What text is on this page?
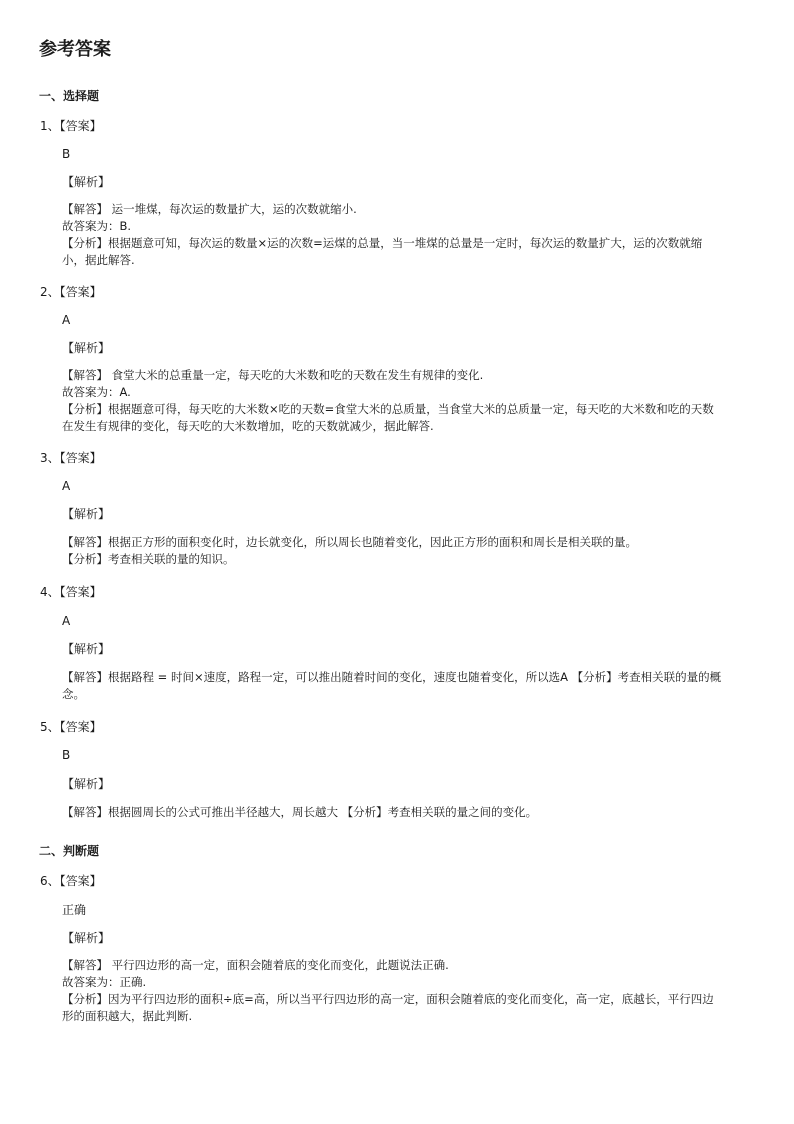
参考答案
一、选择题
1、【答案】
B
【解析】

【解答】 运一堆煤，每次运的数量扩大，运的次数就缩小.

故答案为：B.

【分析】根据题意可知，每次运的数量×运的次数=运煤的总量，当一堆煤的总量是一定时，每次运的数量扩大，运的次数就缩小，据此解答.

2、【答案】
A
【解析】

【解答】 食堂大米的总重量一定，每天吃的大米数和吃的天数在发生有规律的变化.

故答案为：A.

【分析】根据题意可得，每天吃的大米数×吃的天数=食堂大米的总质量，当食堂大米的总质量一定，每天吃的大米数和吃的天数在发生有规律的变化，每天吃的大米数增加，吃的天数就减少，据此解答.

3、【答案】
A
【解析】

【解答】根据正方形的面积变化时，边长就变化，所以周长也随着变化，因此正方形的面积和周长是相关联的量。

【分析】考查相关联的量的知识。

4、【答案】
A
【解析】

【解答】根据路程 = 时间×速度，路程一定，可以推出随着时间的变化，速度也随着变化，所以选A 【分析】考查相关联的量的概念。

5、【答案】
B
【解析】

【解答】根据圆周长的公式可推出半径越大，周长越大 【分析】考查相关联的量之间的变化。

二、判断题
6、【答案】
正确
【解析】

【解答】 平行四边形的高一定，面积会随着底的变化而变化，此题说法正确.

故答案为：正确.

【分析】因为平行四边形的面积÷底=高，所以当平行四边形的高一定，面积会随着底的变化而变化，高一定，底越长，平行四边形的面积越大，据此判断.
